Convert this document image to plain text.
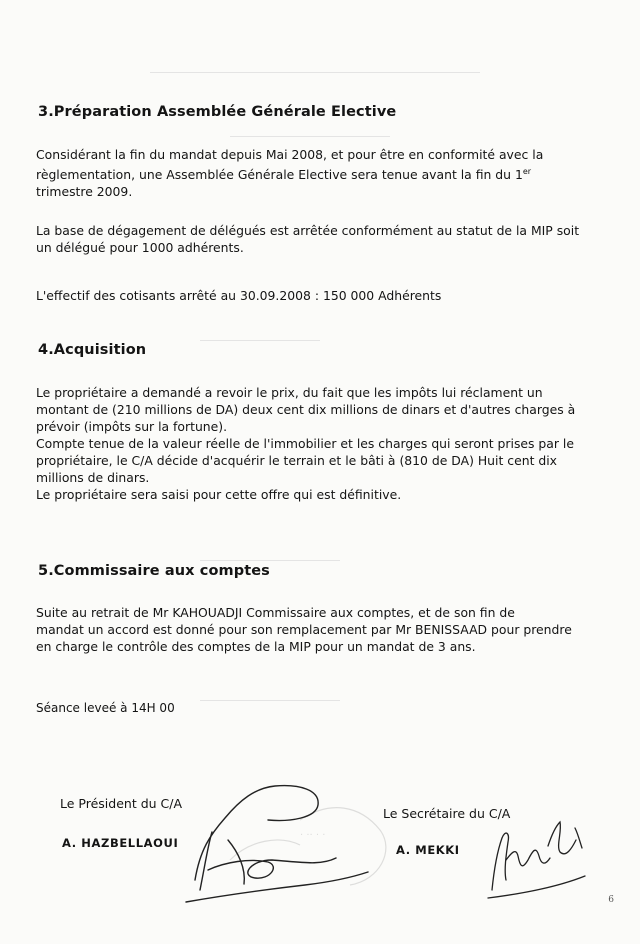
3.Préparation Assemblée Générale Elective

Considérant la fin du mandat depuis Mai 2008, et pour être en conformité avec la

règlementation, une Assemblée Générale Elective sera tenue avant la fin du 1er

trimestre 2009.

La base de dégagement de délégués est arrêtée conformément au statut de la MIP soit

un délégué pour 1000 adhérents.

L'effectif des cotisants arrêté au 30.09.2008 : 150 000 Adhérents

4.Acquisition

Le propriétaire a demandé a revoir le prix, du fait que les impôts lui réclament un

montant de (210 millions de DA) deux cent dix millions de dinars et d'autres charges à

prévoir (impôts sur la fortune).

Compte tenue de la valeur réelle de l'immobilier et les charges qui seront prises par le

propriétaire, le C/A décide d'acquérir le terrain et le bâti à (810 de DA) Huit cent dix

millions de dinars.

Le propriétaire sera saisi pour cette offre qui est définitive.

5.Commissaire aux comptes

Suite au retrait de Mr KAHOUADJI Commissaire aux comptes, et de son fin de

mandat un accord est donné pour son remplacement par Mr BENISSAAD pour prendre

en charge le contrôle des comptes de la MIP pour un mandat de 3 ans.

Séance leveé à 14H 00

Le Président du C/A
A. HAZBELLAOUI
Le Secrétaire du C/A
A. MEKKI
· ·· · ·
6
